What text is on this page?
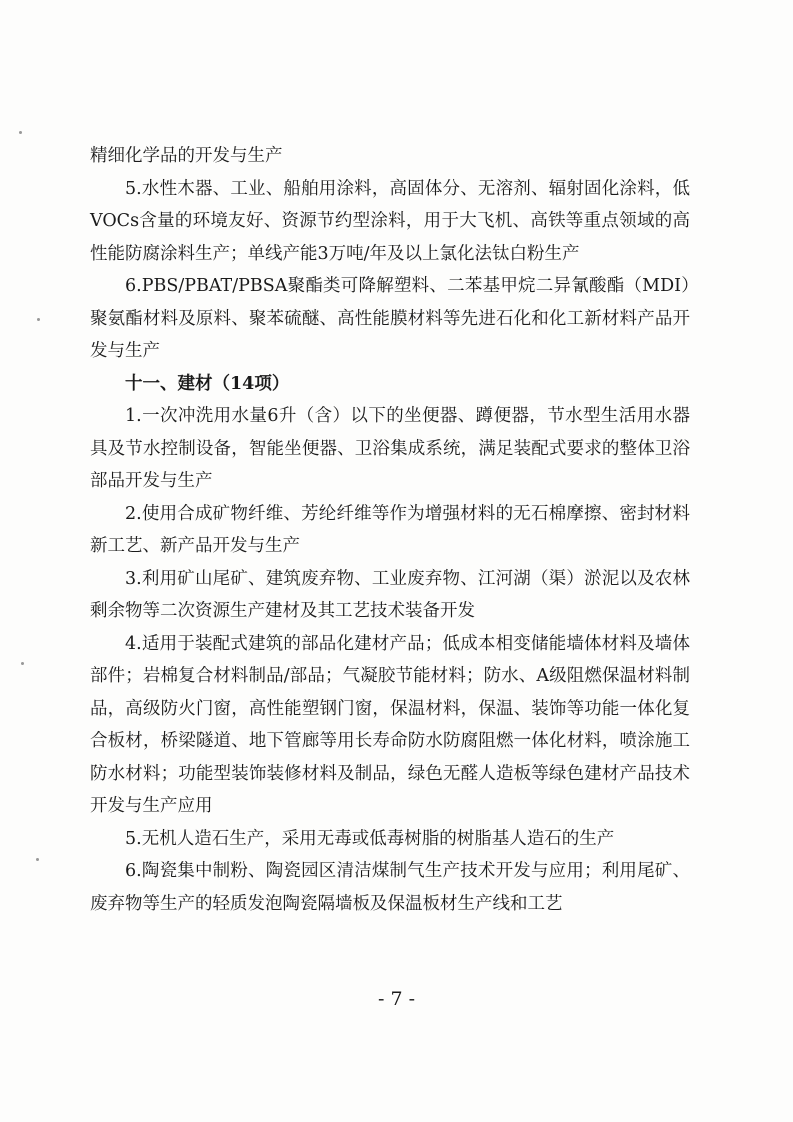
精细化学品的开发与生产

5.水性木器、工业、船舶用涂料，高固体分、无溶剂、辐射固化涂料，低VOCs含量的环境友好、资源节约型涂料，用于大飞机、高铁等重点领域的高性能防腐涂料生产；单线产能3万吨/年及以上氯化法钛白粉生产

6.PBS/PBAT/PBSA聚酯类可降解塑料、二苯基甲烷二异氰酸酯（MDI）聚氨酯材料及原料、聚苯硫醚、高性能膜材料等先进石化和化工新材料产品开发与生产

十一、建材（14项）

1.一次冲洗用水量6升（含）以下的坐便器、蹲便器，节水型生活用水器具及节水控制设备，智能坐便器、卫浴集成系统，满足装配式要求的整体卫浴部品开发与生产

2.使用合成矿物纤维、芳纶纤维等作为增强材料的无石棉摩擦、密封材料新工艺、新产品开发与生产

3.利用矿山尾矿、建筑废弃物、工业废弃物、江河湖（渠）淤泥以及农林剩余物等二次资源生产建材及其工艺技术装备开发

4.适用于装配式建筑的部品化建材产品；低成本相变储能墙体材料及墙体部件；岩棉复合材料制品/部品；气凝胶节能材料；防水、A级阻燃保温材料制品，高级防火门窗，高性能塑钢门窗，保温材料，保温、装饰等功能一体化复合板材，桥梁隧道、地下管廊等用长寿命防水防腐阻燃一体化材料，喷涂施工防水材料；功能型装饰装修材料及制品，绿色无醛人造板等绿色建材产品技术开发与生产应用

5.无机人造石生产，采用无毒或低毒树脂的树脂基人造石的生产

6.陶瓷集中制粉、陶瓷园区清洁煤制气生产技术开发与应用；利用尾矿、废弃物等生产的轻质发泡陶瓷隔墙板及保温板材生产线和工艺

- 7 -
